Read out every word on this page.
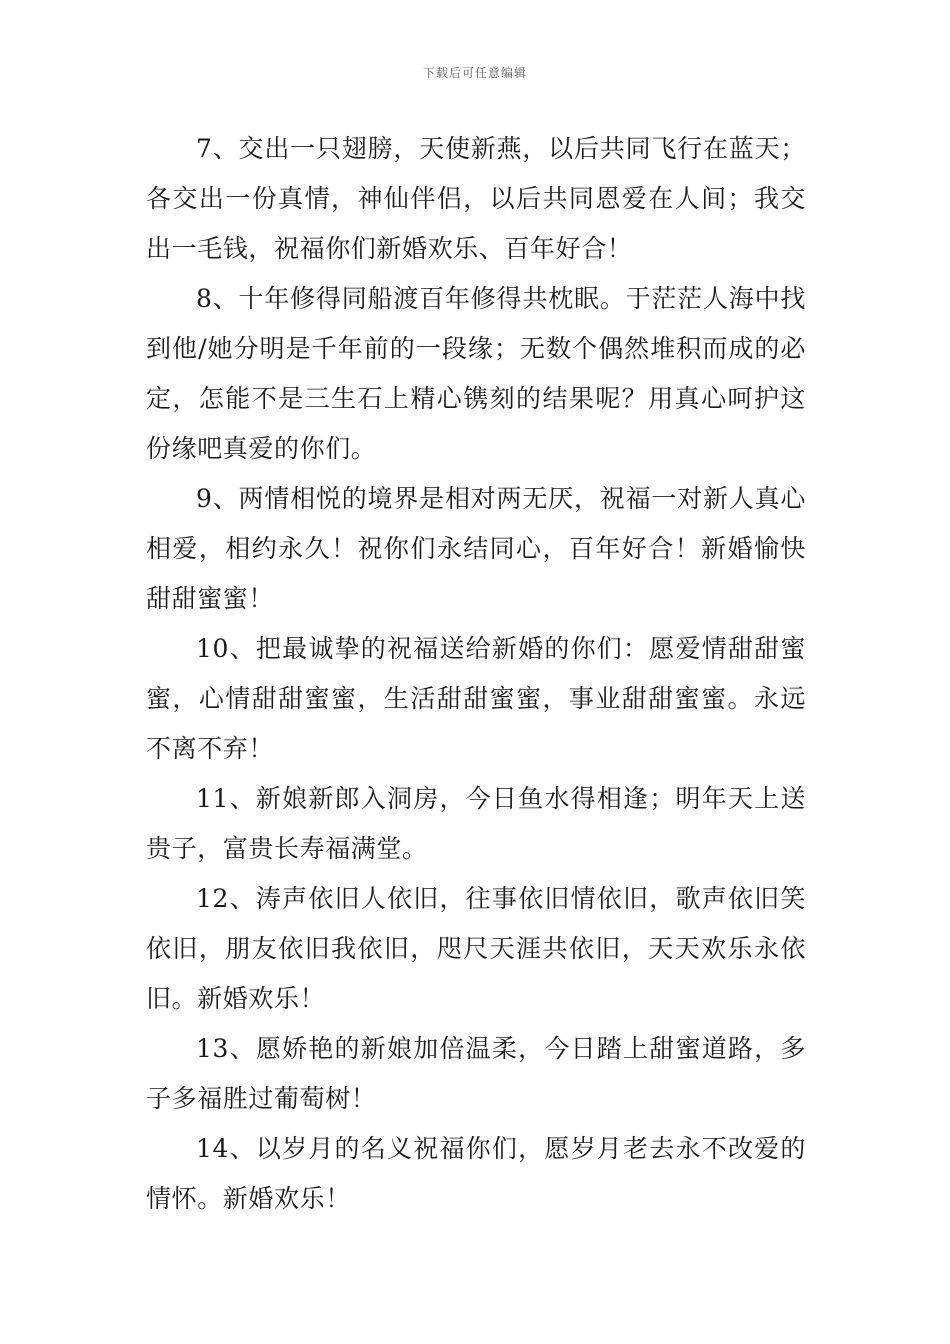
下载后可任意编辑

7、交出一只翅膀，天使新燕，以后共同飞行在蓝天；各交出一份真情，神仙伴侣，以后共同恩爱在人间；我交出一毛钱，祝福你们新婚欢乐、百年好合！

8、十年修得同船渡百年修得共枕眠。于茫茫人海中找到他/她分明是千年前的一段缘；无数个偶然堆积而成的必定，怎能不是三生石上精心镌刻的结果呢？用真心呵护这份缘吧真爱的你们。

9、两情相悦的境界是相对两无厌，祝福一对新人真心相爱，相约永久！祝你们永结同心，百年好合！新婚愉快甜甜蜜蜜！

10、把最诚挚的祝福送给新婚的你们：愿爱情甜甜蜜蜜，心情甜甜蜜蜜，生活甜甜蜜蜜，事业甜甜蜜蜜。永远不离不弃！

11、新娘新郎入洞房，今日鱼水得相逢；明年天上送贵子，富贵长寿福满堂。

12、涛声依旧人依旧，往事依旧情依旧，歌声依旧笑依旧，朋友依旧我依旧，咫尺天涯共依旧，天天欢乐永依旧。新婚欢乐！

13、愿娇艳的新娘加倍温柔，今日踏上甜蜜道路，多子多福胜过葡萄树！

14、以岁月的名义祝福你们，愿岁月老去永不改爱的情怀。新婚欢乐！
